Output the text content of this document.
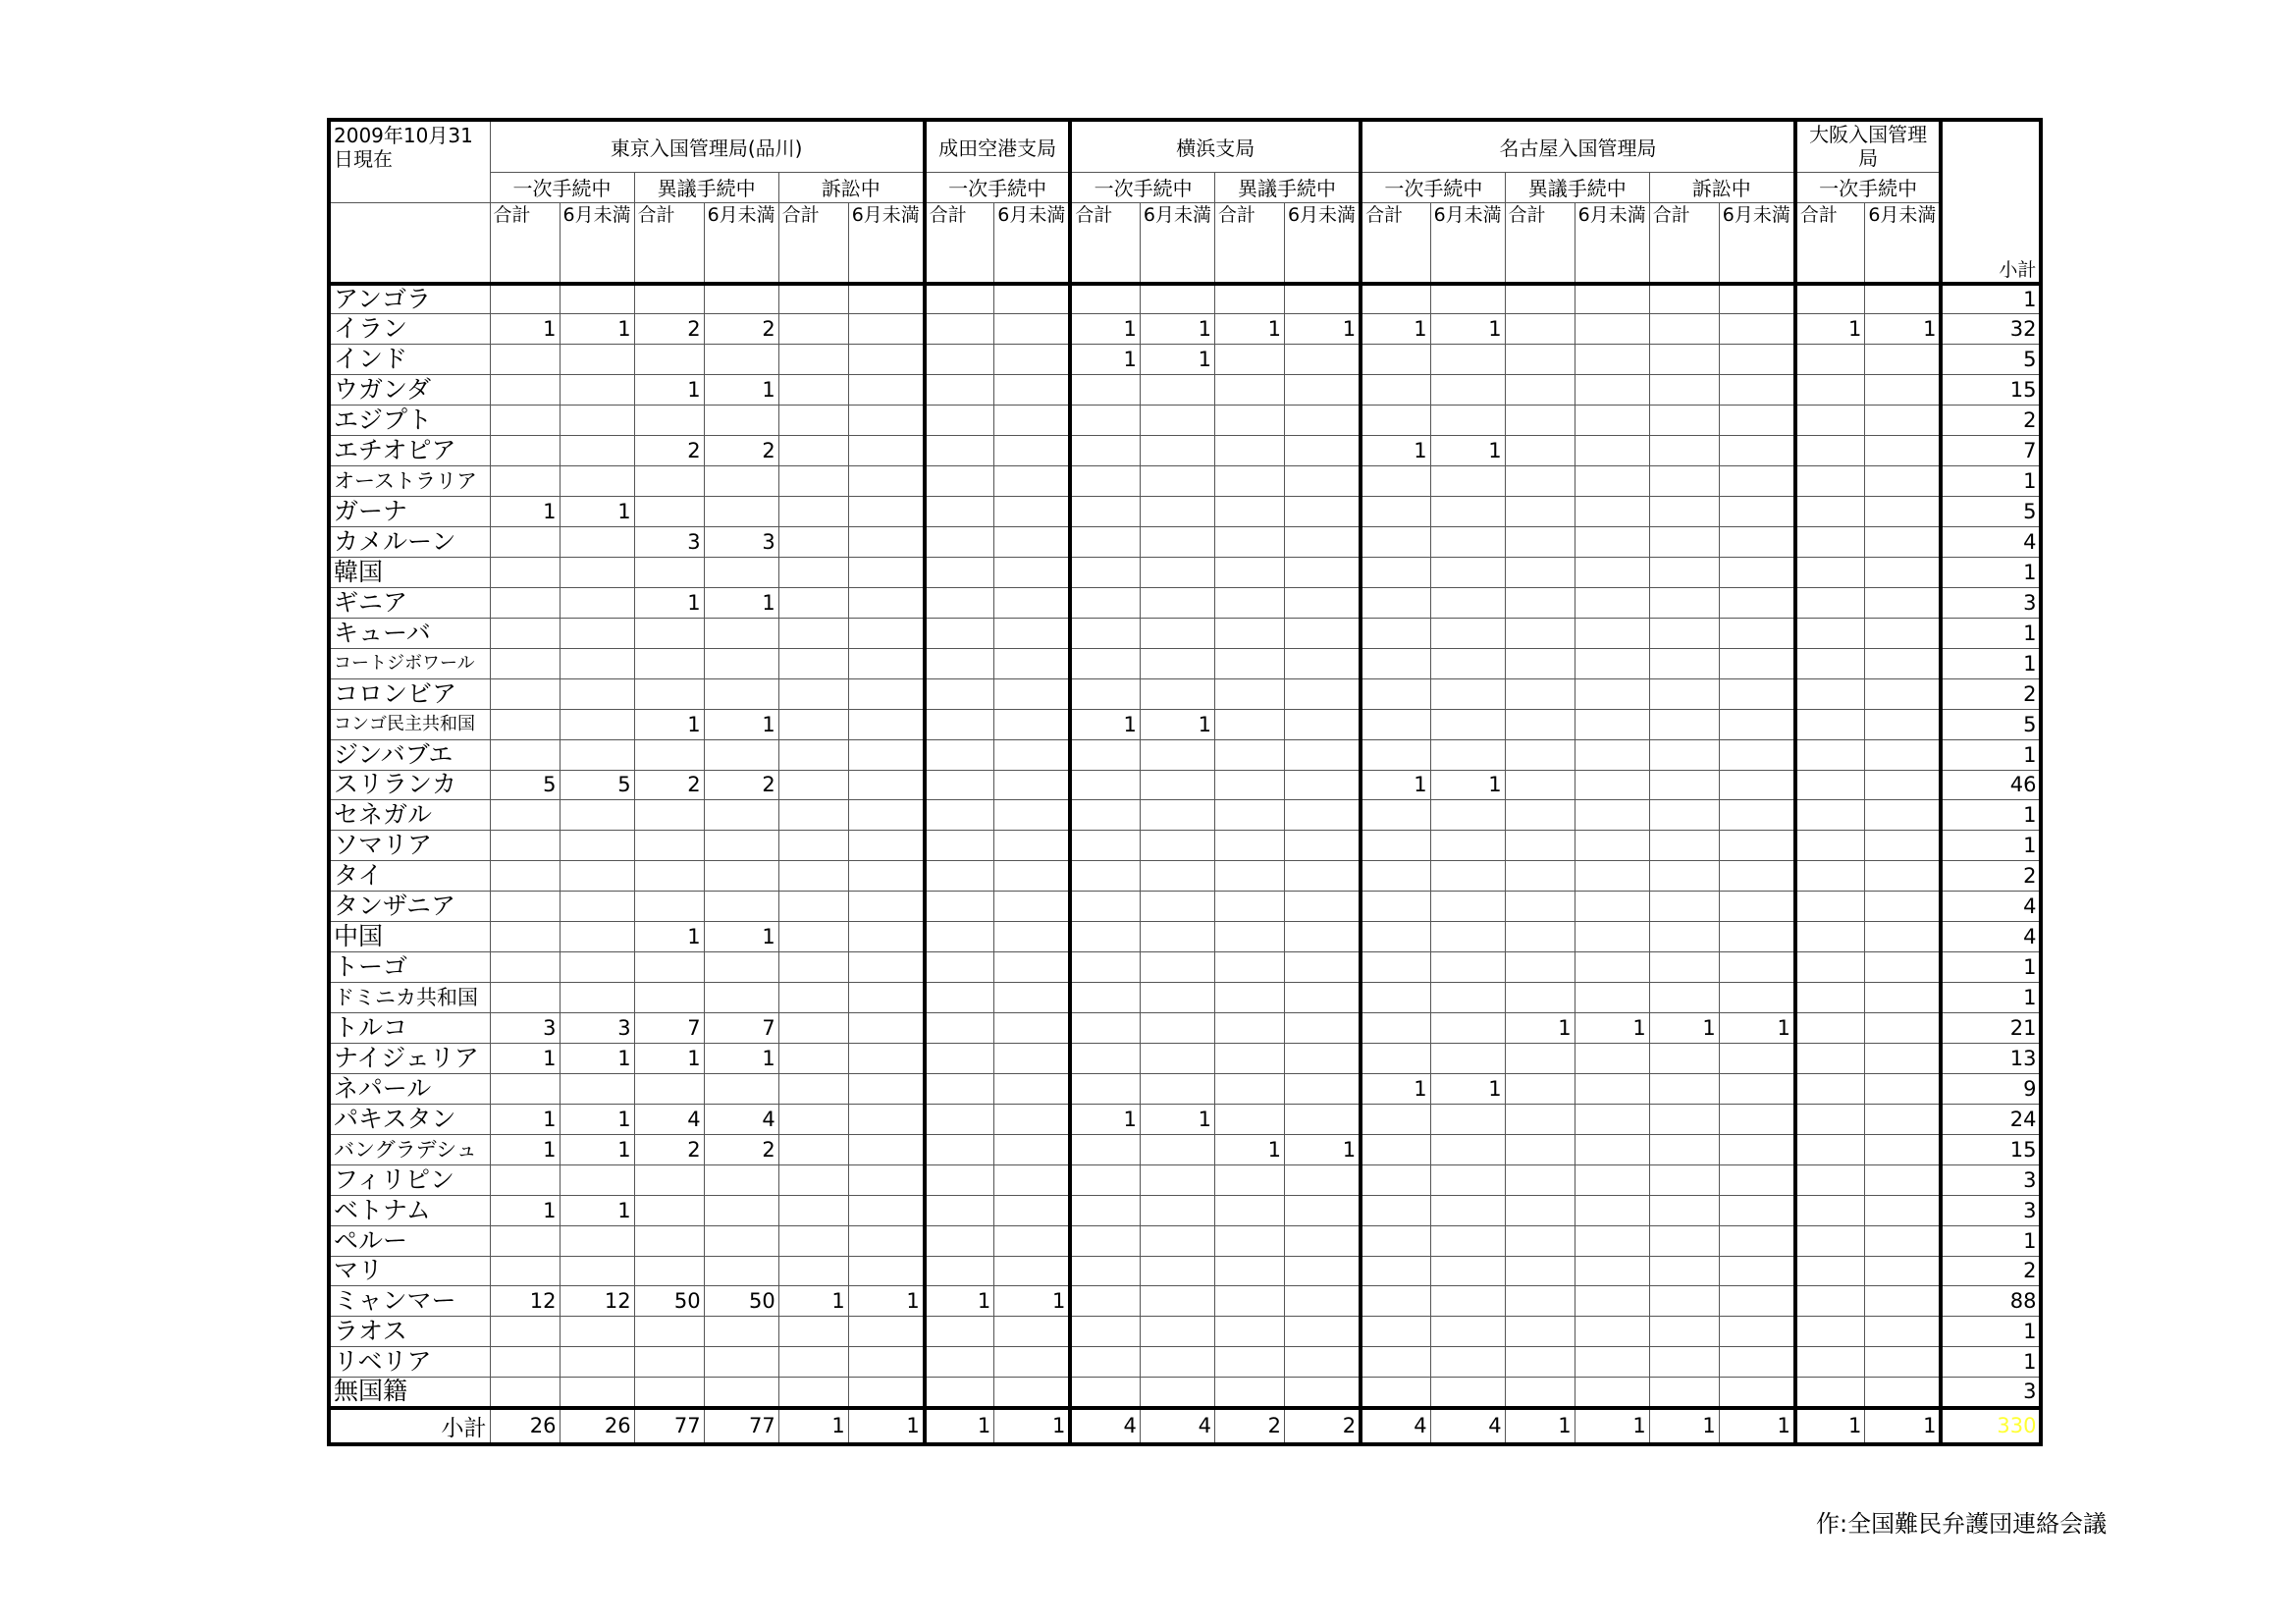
2009年10月31日現在	東京入国管理局(品川)						成田空港支局		横浜支局				名古屋入国管理局						大阪入国管理局		小計
	一次手続中		異議手続中		訴訟中		一次手続中		一次手続中		異議手続中		一次手続中		異議手続中		訴訟中		一次手続中		
	合計	6月未満	合計	6月未満	合計	6月未満	合計	6月未満	合計	6月未満	合計	6月未満	合計	6月未満	合計	6月未満	合計	6月未満	合計	6月未満	
アンゴラ																					1
イラン	1	1	2	2					1	1	1	1	1	1					1	1	32
インド									1	1											5
ウガンダ			1	1																	15
エジプト																					2
エチオピア			2	2									1	1							7
オーストラリア																					1
ガーナ	1	1																			5
カメルーン			3	3																	4
韓国																					1
ギニア			1	1																	3
キューバ																					1
コートジボワール																					1
コロンビア																					2
コンゴ民主共和国			1	1					1	1											5
ジンバブエ																					1
スリランカ	5	5	2	2									1	1							46
セネガル																					1
ソマリア																					1
タイ																					2
タンザニア																					4
中国			1	1																	4
トーゴ																					1
ドミニカ共和国																					1
トルコ	3	3	7	7											1	1	1	1			21
ナイジェリア	1	1	1	1																	13
ネパール													1	1							9
パキスタン	1	1	4	4					1	1											24
バングラデシュ	1	1	2	2							1	1									15
フィリピン																					3
ベトナム	1	1																			3
ペルー																					1
マリ																					2
ミャンマー	12	12	50	50	1	1	1	1													88
ラオス																					1
リベリア																					1
無国籍																					3
小計	26	26	77	77	1	1	1	1	4	4	2	2	4	4	1	1	1	1	1	1	330
作:全国難民弁護団連絡会議
